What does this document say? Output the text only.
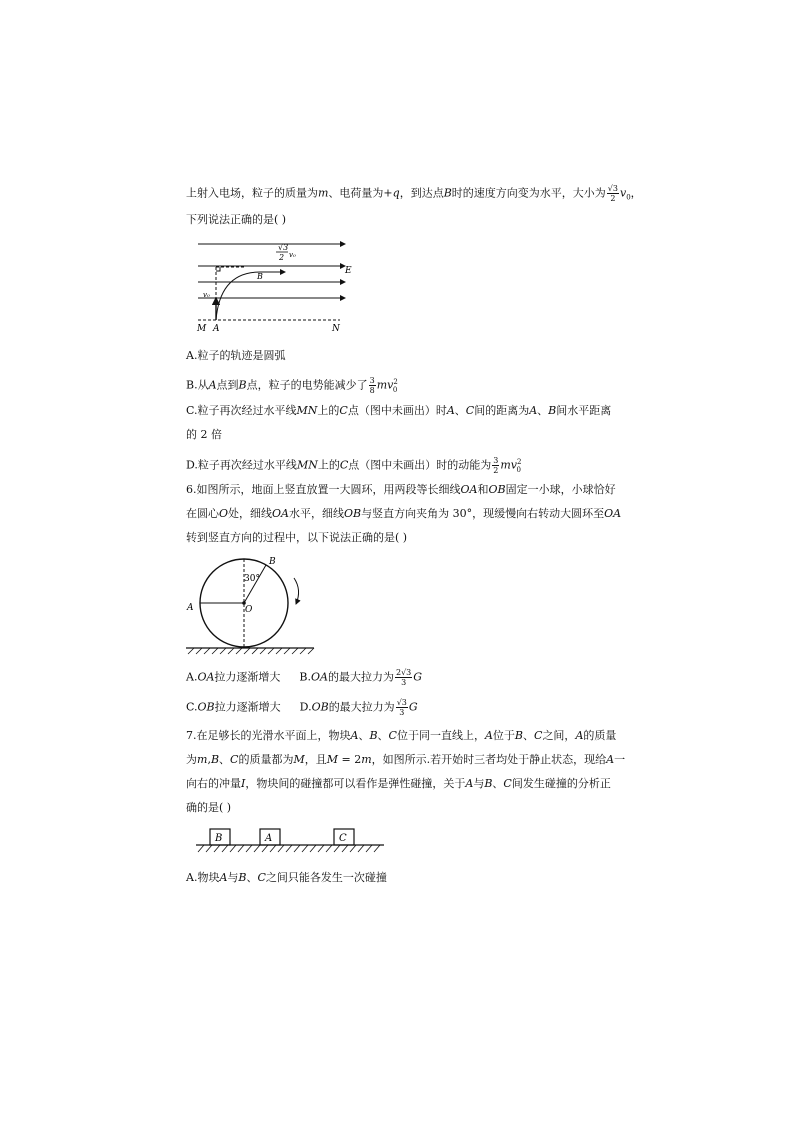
上射入电场，粒子的质量为m、电荷量为+q，到达点B时的速度方向变为水平，大小为 $\frac{√3}{2} v_0$，
下列说法正确的是( )
√3
2 v₀
E
B
v₀
M A	N
A.粒子的轨迹是圆弧
B.从A点到B点，粒子的电势能减少了 $\frac{3}{8} mv^2_0$
C.粒子再次经过水平线MN上的C点（图中未画出）时A、C间的距离为A、B间水平距离
的 2 倍
D.粒子再次经过水平线MN上的C点（图中未画出）时的动能为 $\frac{3}{2} mv^2_0$
6.如图所示，地面上竖直放置一大圆环，用两段等长细线OA和OB固定一小球，小球恰好
在圆心O处，细线OA水平，细线OB与竖直方向夹角为 30°，现缓慢向右转动大圆环至OA
转到竖直方向的过程中，以下说法正确的是( )
B
30°
A	O
A.OA拉力逐渐增大 B.OA的最大拉力为 $\frac{2√3}{3}$ G
C.OB拉力逐渐增大 D.OB的最大拉力为 $\frac{√3}{3}$ G
7.在足够长的光滑水平面上，物块A、B、C位于同一直线上，A位于B、C之间，A的质量
为m,B、C的质量都为M，且M = 2m，如图所示.若开始时三者均处于静止状态，现给A一
向右的冲量I，物块间的碰撞都可以看作是弹性碰撞，关于A与B、C间发生碰撞的分析正
确的是( )
B	A	C
A.物块A与B、C之间只能各发生一次碰撞
